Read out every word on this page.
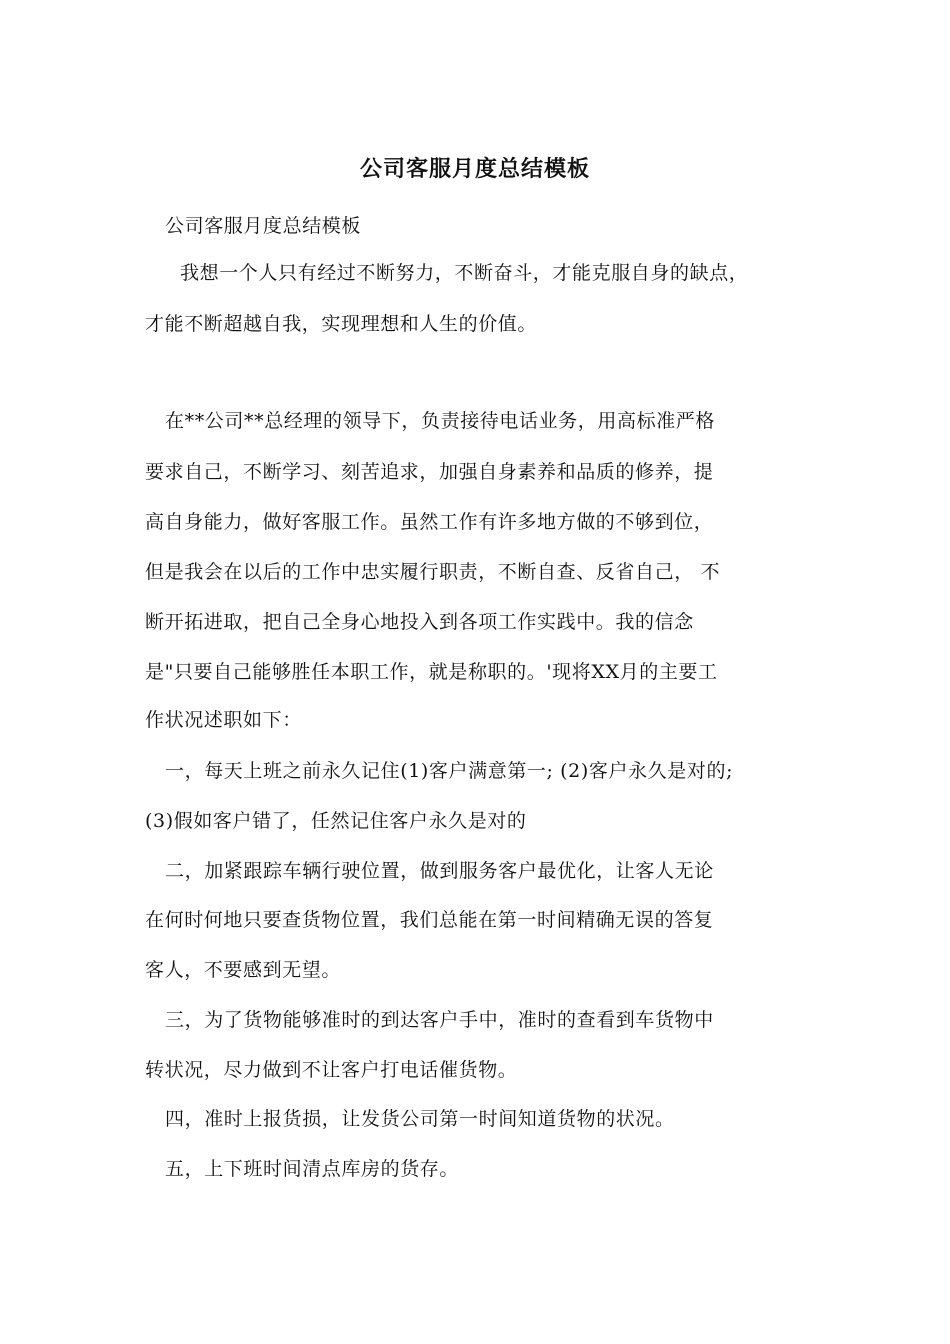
公司客服月度总结模板
公司客服月度总结模板
我想一个人只有经过不断努力，不断奋斗，才能克服自身的缺点，
才能不断超越自我，实现理想和人生的价值。
在**公司**总经理的领导下，负责接待电话业务，用高标准严格
要求自己，不断学习、刻苦追求，加强自身素养和品质的修养，提
高自身能力，做好客服工作。虽然工作有许多地方做的不够到位，
但是我会在以后的工作中忠实履行职责，不断自查、反省自己， 不
断开拓进取，把自己全身心地投入到各项工作实践中。我的信念
是"只要自己能够胜任本职工作，就是称职的。'现将XX月的主要工
作状况述职如下：
一，每天上班之前永久记住(1)客户满意第一; (2)客户永久是对的;
(3)假如客户错了，任然记住客户永久是对的
二，加紧跟踪车辆行驶位置，做到服务客户最优化，让客人无论
在何时何地只要查货物位置，我们总能在第一时间精确无误的答复
客人，不要感到无望。
三，为了货物能够准时的到达客户手中，准时的查看到车货物中
转状况，尽力做到不让客户打电话催货物。
四，准时上报货损，让发货公司第一时间知道货物的状况。
五，上下班时间清点库房的货存。
